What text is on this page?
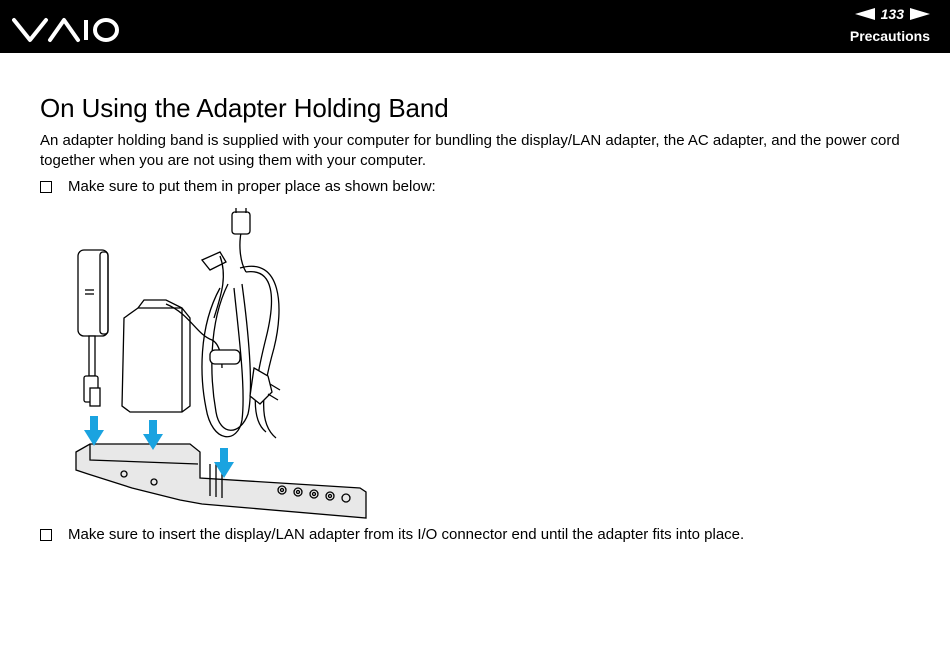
133
Precautions
On Using the Adapter Holding Band

An adapter holding band is supplied with your computer for bundling the display/LAN adapter, the AC adapter, and the power cord together when you are not using them with your computer.

Make sure to put them in proper place as shown below:
Make sure to insert the display/LAN adapter from its I/O connector end until the adapter fits into place.
